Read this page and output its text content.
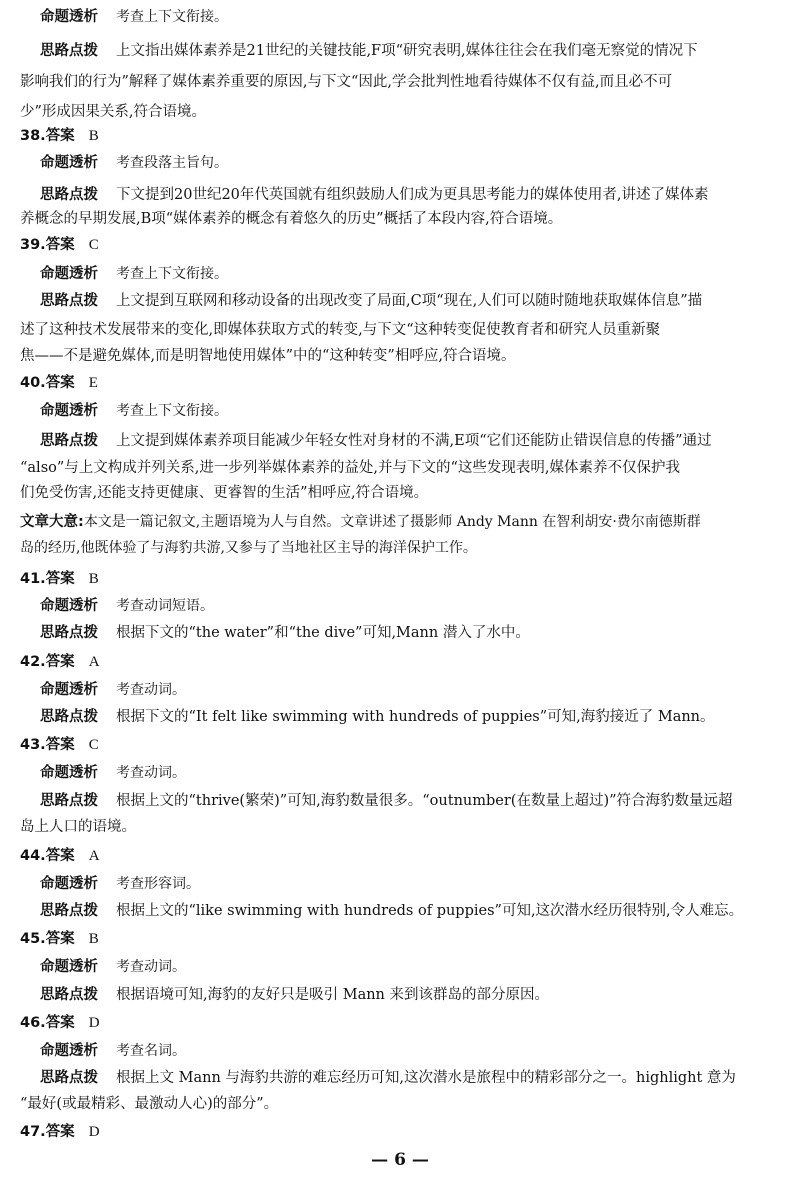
命题透析 考查上下文衔接。
思路点拨 上文指出媒体素养是21世纪的关键技能,F项“研究表明,媒体往往会在我们毫无察觉的情况下
影响我们的行为”解释了媒体素养重要的原因,与下文“因此,学会批判性地看待媒体不仅有益,而且必不可
少”形成因果关系,符合语境。
38.答案 B
命题透析 考查段落主旨句。
思路点拨 下文提到20世纪20年代英国就有组织鼓励人们成为更具思考能力的媒体使用者,讲述了媒体素
养概念的早期发展,B项“媒体素养的概念有着悠久的历史”概括了本段内容,符合语境。
39.答案 C
命题透析 考查上下文衔接。
思路点拨 上文提到互联网和移动设备的出现改变了局面,C项“现在,人们可以随时随地获取媒体信息”描
述了这种技术发展带来的变化,即媒体获取方式的转变,与下文“这种转变促使教育者和研究人员重新聚
焦——不是避免媒体,而是明智地使用媒体”中的“这种转变”相呼应,符合语境。
40.答案 E
命题透析 考查上下文衔接。
思路点拨 上文提到媒体素养项目能减少年轻女性对身材的不满,E项“它们还能防止错误信息的传播”通过
“also”与上文构成并列关系,进一步列举媒体素养的益处,并与下文的“这些发现表明,媒体素养不仅保护我
们免受伤害,还能支持更健康、更睿智的生活”相呼应,符合语境。
文章大意:本文是一篇记叙文,主题语境为人与自然。文章讲述了摄影师 Andy Mann 在智利胡安·费尔南德斯群
岛的经历,他既体验了与海豹共游,又参与了当地社区主导的海洋保护工作。
41.答案 B
命题透析 考查动词短语。
思路点拨 根据下文的“the water”和“the dive”可知,Mann 潜入了水中。
42.答案 A
命题透析 考查动词。
思路点拨 根据下文的“It felt like swimming with hundreds of puppies”可知,海豹接近了 Mann。
43.答案 C
命题透析 考查动词。
思路点拨 根据上文的“thrive(繁荣)”可知,海豹数量很多。“outnumber(在数量上超过)”符合海豹数量远超
岛上人口的语境。
44.答案 A
命题透析 考查形容词。
思路点拨 根据上文的“like swimming with hundreds of puppies”可知,这次潜水经历很特别,令人难忘。
45.答案 B
命题透析 考查动词。
思路点拨 根据语境可知,海豹的友好只是吸引 Mann 来到该群岛的部分原因。
46.答案 D
命题透析 考查名词。
思路点拨 根据上文 Mann 与海豹共游的难忘经历可知,这次潜水是旅程中的精彩部分之一。highlight 意为
“最好(或最精彩、最激动人心)的部分”。
47.答案 D
— 6 —
